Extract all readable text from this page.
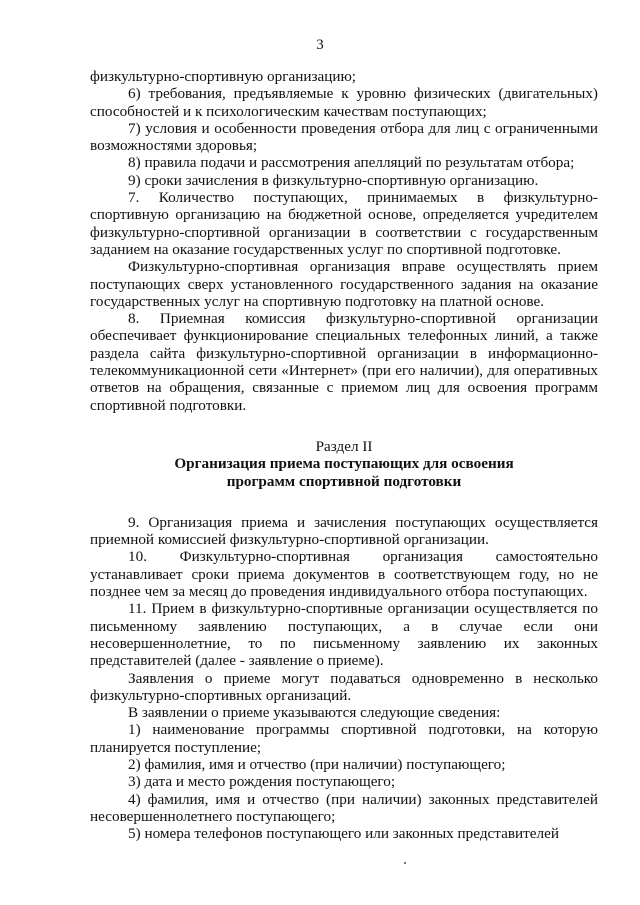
3

физкультурно-спортивную организацию;

6) требования, предъявляемые к уровню физических (двигательных) способностей и к психологическим качествам поступающих;

7) условия и особенности проведения отбора для лиц с ограниченными возможностями здоровья;

8) правила подачи и рассмотрения апелляций по результатам отбора;

9) сроки зачисления в физкультурно-спортивную организацию.

7. Количество поступающих, принимаемых в физкультурно-спортивную организацию на бюджетной основе, определяется учредителем физкультурно-спортивной организации в соответствии с государственным заданием на оказание государственных услуг по спортивной подготовке.

Физкультурно-спортивная организация вправе осуществлять прием поступающих сверх установленного государственного задания на оказание государственных услуг на спортивную подготовку на платной основе.

8. Приемная комиссия физкультурно-спортивной организации обеспечивает функционирование специальных телефонных линий, а также раздела сайта физкультурно-спортивной организации в информационно-телекоммуникационной сети «Интернет» (при его наличии), для оперативных ответов на обращения, связанные с приемом лиц для освоения программ спортивной подготовки.

Раздел II
Организация приема поступающих для освоения
программ спортивной подготовки

9. Организация приема и зачисления поступающих осуществляется приемной комиссией физкультурно-спортивной организации.

10. Физкультурно-спортивная организация самостоятельно устанавливает сроки приема документов в соответствующем году, но не позднее чем за месяц до проведения индивидуального отбора поступающих.

11. Прием в физкультурно-спортивные организации осуществляется по письменному заявлению поступающих, а в случае если они несовершеннолетние, то по письменному заявлению их законных представителей (далее - заявление о приеме).

Заявления о приеме могут подаваться одновременно в несколько физкультурно-спортивных организаций.

В заявлении о приеме указываются следующие сведения:

1) наименование программы спортивной подготовки, на которую планируется поступление;

2) фамилия, имя и отчество (при наличии) поступающего;

3) дата и место рождения поступающего;

4) фамилия, имя и отчество (при наличии) законных представителей несовершеннолетнего поступающего;

5) номера телефонов поступающего или законных представителей
